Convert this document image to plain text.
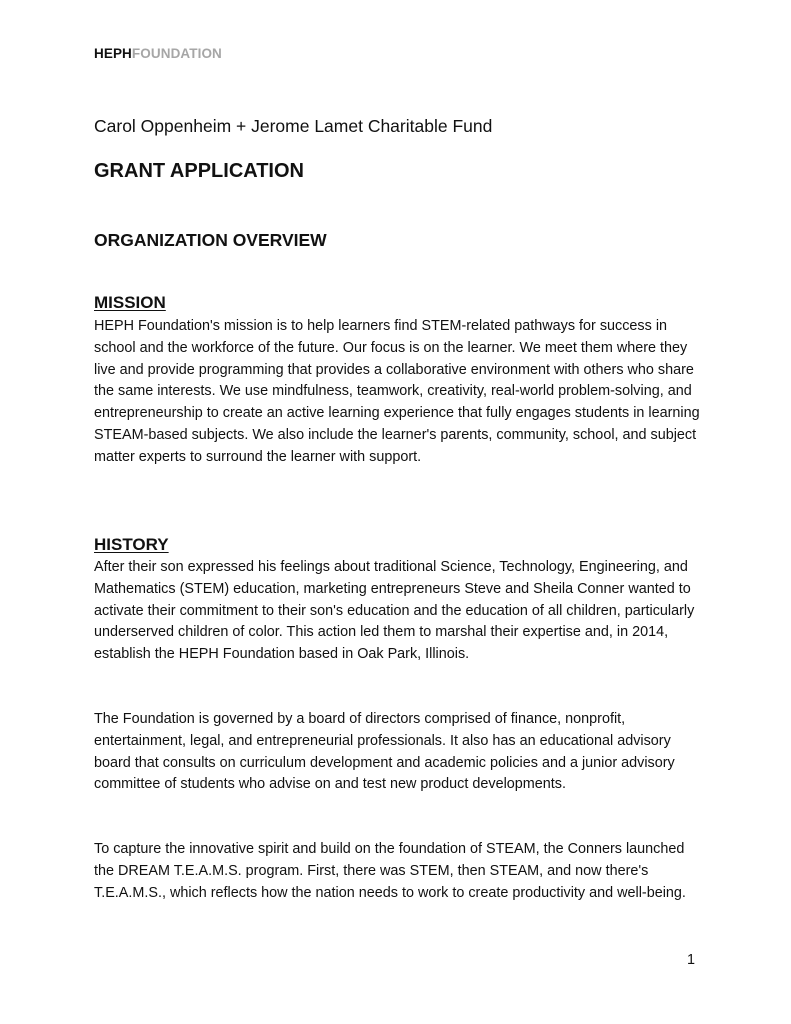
HEPHFOUNDATION

Carol Oppenheim + Jerome Lamet Charitable Fund

GRANT APPLICATION
ORGANIZATION OVERVIEW
MISSION

HEPH Foundation's mission is to help learners find STEM-related pathways for success in school and the workforce of the future. Our focus is on the learner. We meet them where they live and provide programming that provides a collaborative environment with others who share the same interests. We use mindfulness, teamwork, creativity, real-world problem-solving, and entrepreneurship to create an active learning experience that fully engages students in learning STEAM-based subjects. We also include the learner's parents, community, school, and subject matter experts to surround the learner with support.

HISTORY

After their son expressed his feelings about traditional Science, Technology, Engineering, and Mathematics (STEM) education, marketing entrepreneurs Steve and Sheila Conner wanted to activate their commitment to their son's education and the education of all children, particularly underserved children of color. This action led them to marshal their expertise and, in 2014, establish the HEPH Foundation based in Oak Park, Illinois.

The Foundation is governed by a board of directors comprised of finance, nonprofit, entertainment, legal, and entrepreneurial professionals. It also has an educational advisory board that consults on curriculum development and academic policies and a junior advisory committee of students who advise on and test new product developments.

To capture the innovative spirit and build on the foundation of STEAM, the Conners launched the DREAM T.E.A.M.S. program. First, there was STEM, then STEAM, and now there's T.E.A.M.S., which reflects how the nation needs to work to create productivity and well-being.

1
